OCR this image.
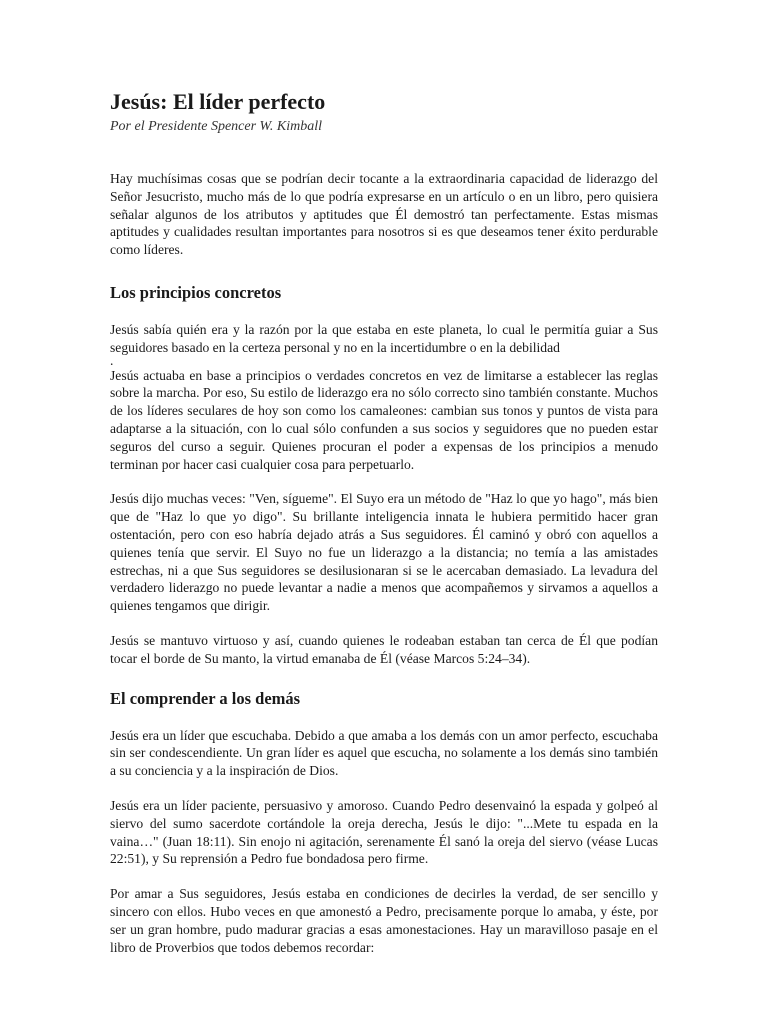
Jesús: El líder perfecto

Por el Presidente Spencer W. Kimball

Hay muchísimas cosas que se podrían decir tocante a la extraordinaria capacidad de liderazgo del Señor Jesucristo, mucho más de lo que podría expresarse en un artículo o en un libro, pero quisiera señalar algunos de los atributos y aptitudes que Él demostró tan perfectamente. Estas mismas aptitudes y cualidades resultan importantes para nosotros si es que deseamos tener éxito perdurable como líderes.

Los principios concretos

Jesús sabía quién era y la razón por la que estaba en este planeta, lo cual le permitía guiar a Sus seguidores basado en la certeza personal y no en la incertidumbre o en la debilidad

.

Jesús actuaba en base a principios o verdades concretos en vez de limitarse a establecer las reglas sobre la marcha. Por eso, Su estilo de liderazgo era no sólo correcto sino también constante. Muchos de los líderes seculares de hoy son como los camaleones: cambian sus tonos y puntos de vista para adaptarse a la situación, con lo cual sólo confunden a sus socios y seguidores que no pueden estar seguros del curso a seguir. Quienes procuran el poder a expensas de los principios a menudo terminan por hacer casi cualquier cosa para perpetuarlo.

Jesús dijo muchas veces: "Ven, sígueme". El Suyo era un método de "Haz lo que yo hago", más bien que de "Haz lo que yo digo". Su brillante inteligencia innata le hubiera permitido hacer gran ostentación, pero con eso habría dejado atrás a Sus seguidores. Él caminó y obró con aquellos a quienes tenía que servir. El Suyo no fue un liderazgo a la distancia; no temía a las amistades estrechas, ni a que Sus seguidores se desilusionaran si se le acercaban demasiado. La levadura del verdadero liderazgo no puede levantar a nadie a menos que acompañemos y sirvamos a aquellos a quienes tengamos que dirigir.

Jesús se mantuvo virtuoso y así, cuando quienes le rodeaban estaban tan cerca de Él que podían tocar el borde de Su manto, la virtud emanaba de Él (véase Marcos 5:24–34).

El comprender a los demás

Jesús era un líder que escuchaba. Debido a que amaba a los demás con un amor perfecto, escuchaba sin ser condescendiente. Un gran líder es aquel que escucha, no solamente a los demás sino también a su conciencia y a la inspiración de Dios.

Jesús era un líder paciente, persuasivo y amoroso. Cuando Pedro desenvainó la espada y golpeó al siervo del sumo sacerdote cortándole la oreja derecha, Jesús le dijo: "...Mete tu espada en la vaina…" (Juan 18:11). Sin enojo ni agitación, serenamente Él sanó la oreja del siervo (véase Lucas 22:51), y Su reprensión a Pedro fue bondadosa pero firme.

Por amar a Sus seguidores, Jesús estaba en condiciones de decirles la verdad, de ser sencillo y sincero con ellos. Hubo veces en que amonestó a Pedro, precisamente porque lo amaba, y éste, por ser un gran hombre, pudo madurar gracias a esas amonestaciones. Hay un maravilloso pasaje en el libro de Proverbios que todos debemos recordar:
